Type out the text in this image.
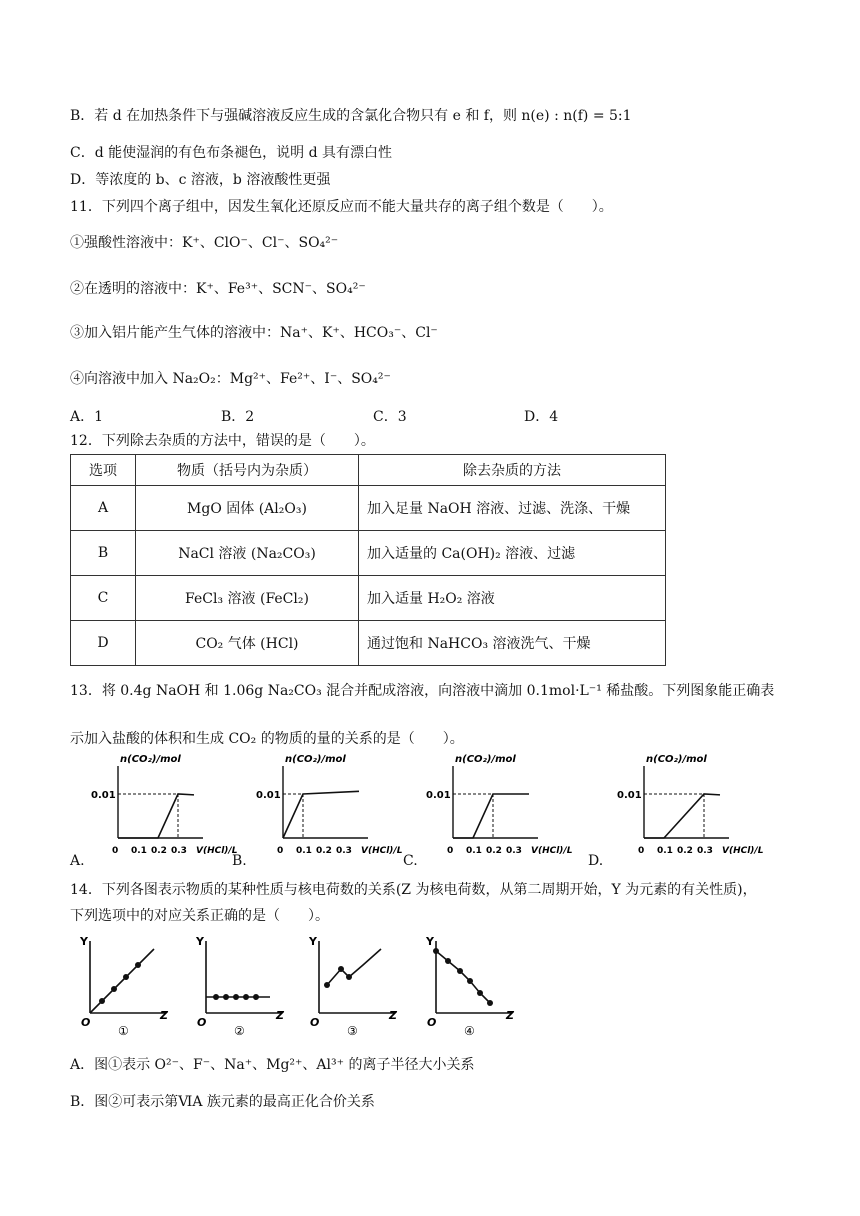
B．若 d 在加热条件下与强碱溶液反应生成的含氯化合物只有 e 和 f，则 n(e) : n(f) = 5:1
C．d 能使湿润的有色布条褪色，说明 d 具有漂白性
D．等浓度的 b、c 溶液，b 溶液酸性更强
11．下列四个离子组中，因发生氧化还原反应而不能大量共存的离子组个数是（　　）。
①强酸性溶液中：K⁺、ClO⁻、Cl⁻、SO₄²⁻
②在透明的溶液中：K⁺、Fe³⁺、SCN⁻、SO₄²⁻
③加入铝片能产生气体的溶液中：Na⁺、K⁺、HCO₃⁻、Cl⁻
④向溶液中加入 Na₂O₂：Mg²⁺、Fe²⁺、I⁻、SO₄²⁻
A．1	B．2	C．3	D．4
12．下列除去杂质的方法中，错误的是（　　）。
选项	物质（括号内为杂质）	除去杂质的方法
A	MgO 固体 (Al₂O₃)	加入足量 NaOH 溶液、过滤、洗涤、干燥
B	NaCl 溶液 (Na₂CO₃)	加入适量的 Ca(OH)₂ 溶液、过滤
C	FeCl₃ 溶液 (FeCl₂)	加入适量 H₂O₂ 溶液
D	CO₂ 气体 (HCl)	通过饱和 NaHCO₃ 溶液洗气、干燥
13．将 0.4g NaOH 和 1.06g Na₂CO₃ 混合并配成溶液，向溶液中滴加 0.1mol·L⁻¹ 稀盐酸。下列图象能正确表
示加入盐酸的体积和生成 CO₂ 的物质的量的关系的是（　　）。
A.	B.	C.	D.
n(CO₂)/mol
0.01
0 0.1 0.2 0.3 V(HCl)/L
n(CO₂)/mol
0.01
0 0.1 0.2 0.3 V(HCl)/L
n(CO₂)/mol
0.01
0 0.1 0.2 0.3 V(HCl)/L
n(CO₂)/mol
0.01
0 0.1 0.2 0.3 V(HCl)/L
Y
O
Z
①
Y
O
Z
②
Y
O
Z
③
Y
O
Z
④
14．下列各图表示物质的某种性质与核电荷数的关系(Z 为核电荷数，从第二周期开始，Y 为元素的有关性质)，
下列选项中的对应关系正确的是（　　）。
A．图①表示 O²⁻、F⁻、Na⁺、Mg²⁺、Al³⁺ 的离子半径大小关系
B．图②可表示第ⅥA 族元素的最高正化合价关系
